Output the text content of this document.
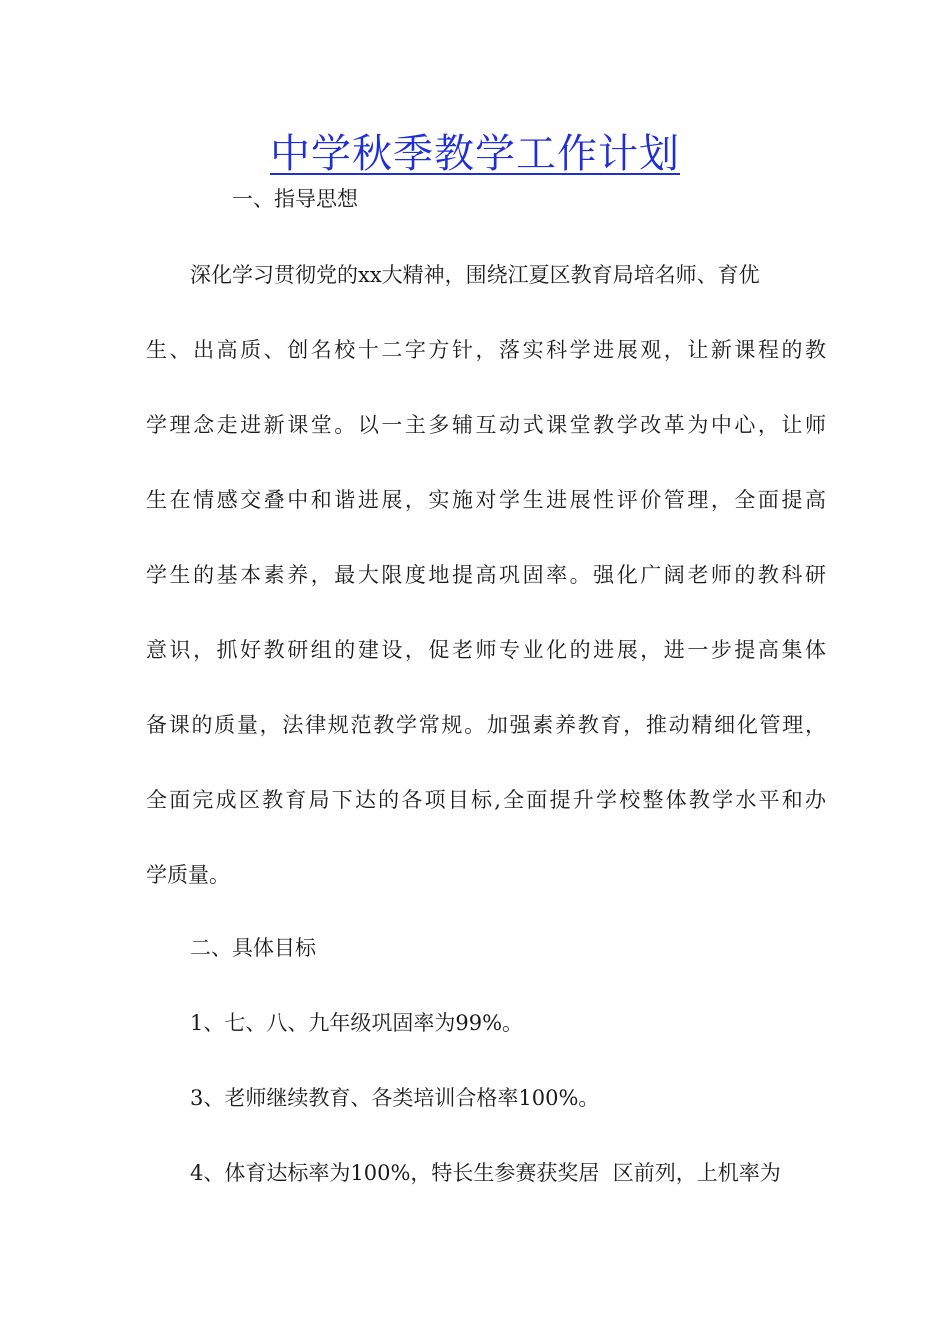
中学秋季教学工作计划

一、指导思想

深化学习贯彻党的xx大精神，围绕江夏区教育局培名师、育优

生、出高质、创名校十二字方针，落实科学进展观，让新课程的教

学理念走进新课堂。以一主多辅互动式课堂教学改革为中心，让师

生在情感交叠中和谐进展，实施对学生进展性评价管理，全面提高

学生的基本素养，最大限度地提高巩固率。强化广阔老师的教科研

意识，抓好教研组的建设，促老师专业化的进展，进一步提高集体

备课的质量，法律规范教学常规。加强素养教育，推动精细化管理，

全面完成区教育局下达的各项目标,全面提升学校整体教学水平和办

学质量。

二、具体目标

1、七、八、九年级巩固率为99%。

3、老师继续教育、各类培训合格率100%。

4、体育达标率为100%，特长生参赛获奖居  区前列，上机率为
